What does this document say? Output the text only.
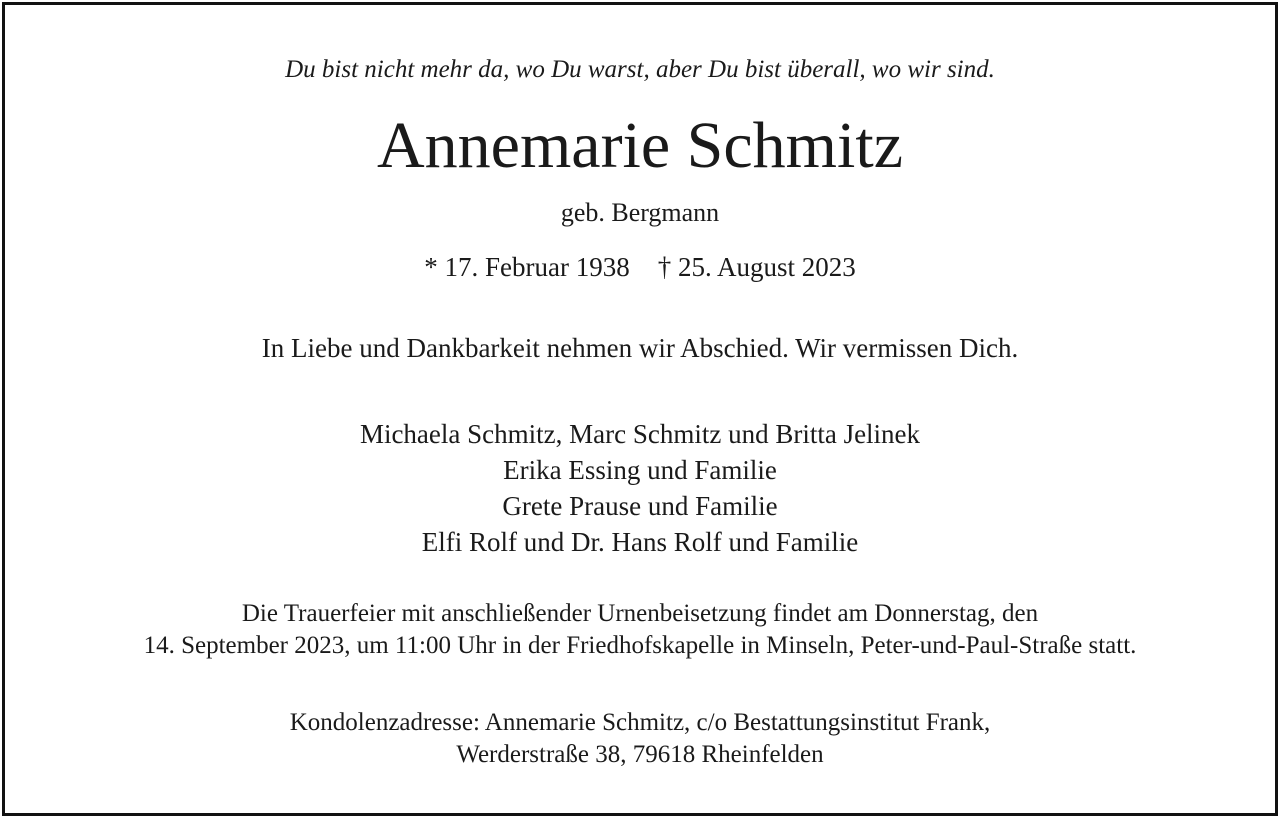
Du bist nicht mehr da, wo Du warst, aber Du bist überall, wo wir sind.
Annemarie Schmitz
geb. Bergmann
* 17. Februar 1938 † 25. August 2023
In Liebe und Dankbarkeit nehmen wir Abschied. Wir vermissen Dich.
Michaela Schmitz, Marc Schmitz und Britta Jelinek
Erika Essing und Familie
Grete Prause und Familie
Elfi Rolf und Dr. Hans Rolf und Familie
Die Trauerfeier mit anschließender Urnenbeisetzung findet am Donnerstag, den
14. September 2023, um 11:00 Uhr in der Friedhofskapelle in Minseln, Peter-und-Paul-Straße statt.
Kondolenzadresse: Annemarie Schmitz, c/o Bestattungsinstitut Frank,
Werderstraße 38, 79618 Rheinfelden
